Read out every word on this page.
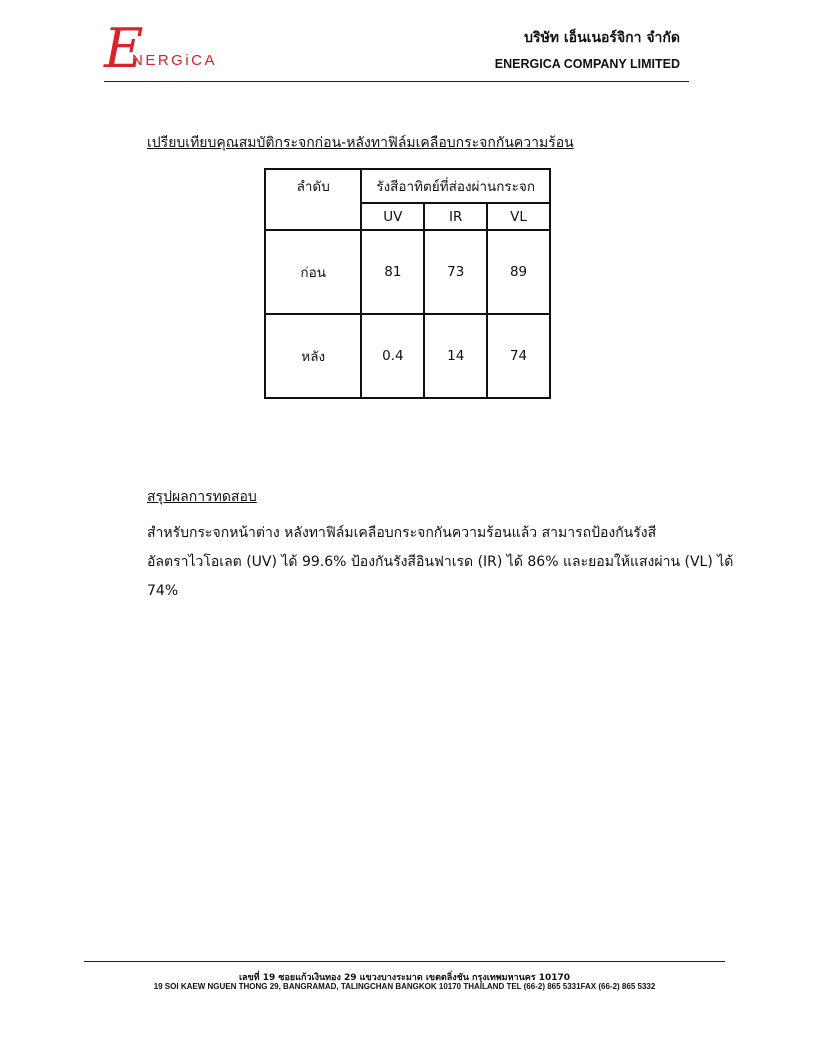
E
NERGiCA
บริษัท เอ็นเนอร์จิกา จำกัด
ENERGICA COMPANY LIMITED
เปรียบเทียบคุณสมบัติกระจกก่อน-หลังทาฟิล์มเคลือบกระจกกันความร้อน
ลำดับ	รังสีอาทิตย์ที่ส่องผ่านกระจก		
	UV	IR	VL
ก่อน	81	73	89
หลัง	0.4	14	74
สรุปผลการทดสอบ
สำหรับกระจกหน้าต่าง หลังทาฟิล์มเคลือบกระจกกันความร้อนแล้ว สามารถป้องกันรังสี
อัลตราไวโอเลต (UV) ได้ 99.6% ป้องกันรังสีอินฟาเรด (IR) ได้ 86% และยอมให้แสงผ่าน (VL) ได้
74%
เลขที่ 19 ซอยแก้วเงินทอง 29 แขวงบางระมาด เขตตลิ่งชัน กรุงเทพมหานคร 10170
19 SOI KAEW NGUEN THONG 29, BANGRAMAD, TALINGCHAN BANGKOK 10170 THAILAND TEL (66-2) 865 5331FAX (66-2) 865 5332
